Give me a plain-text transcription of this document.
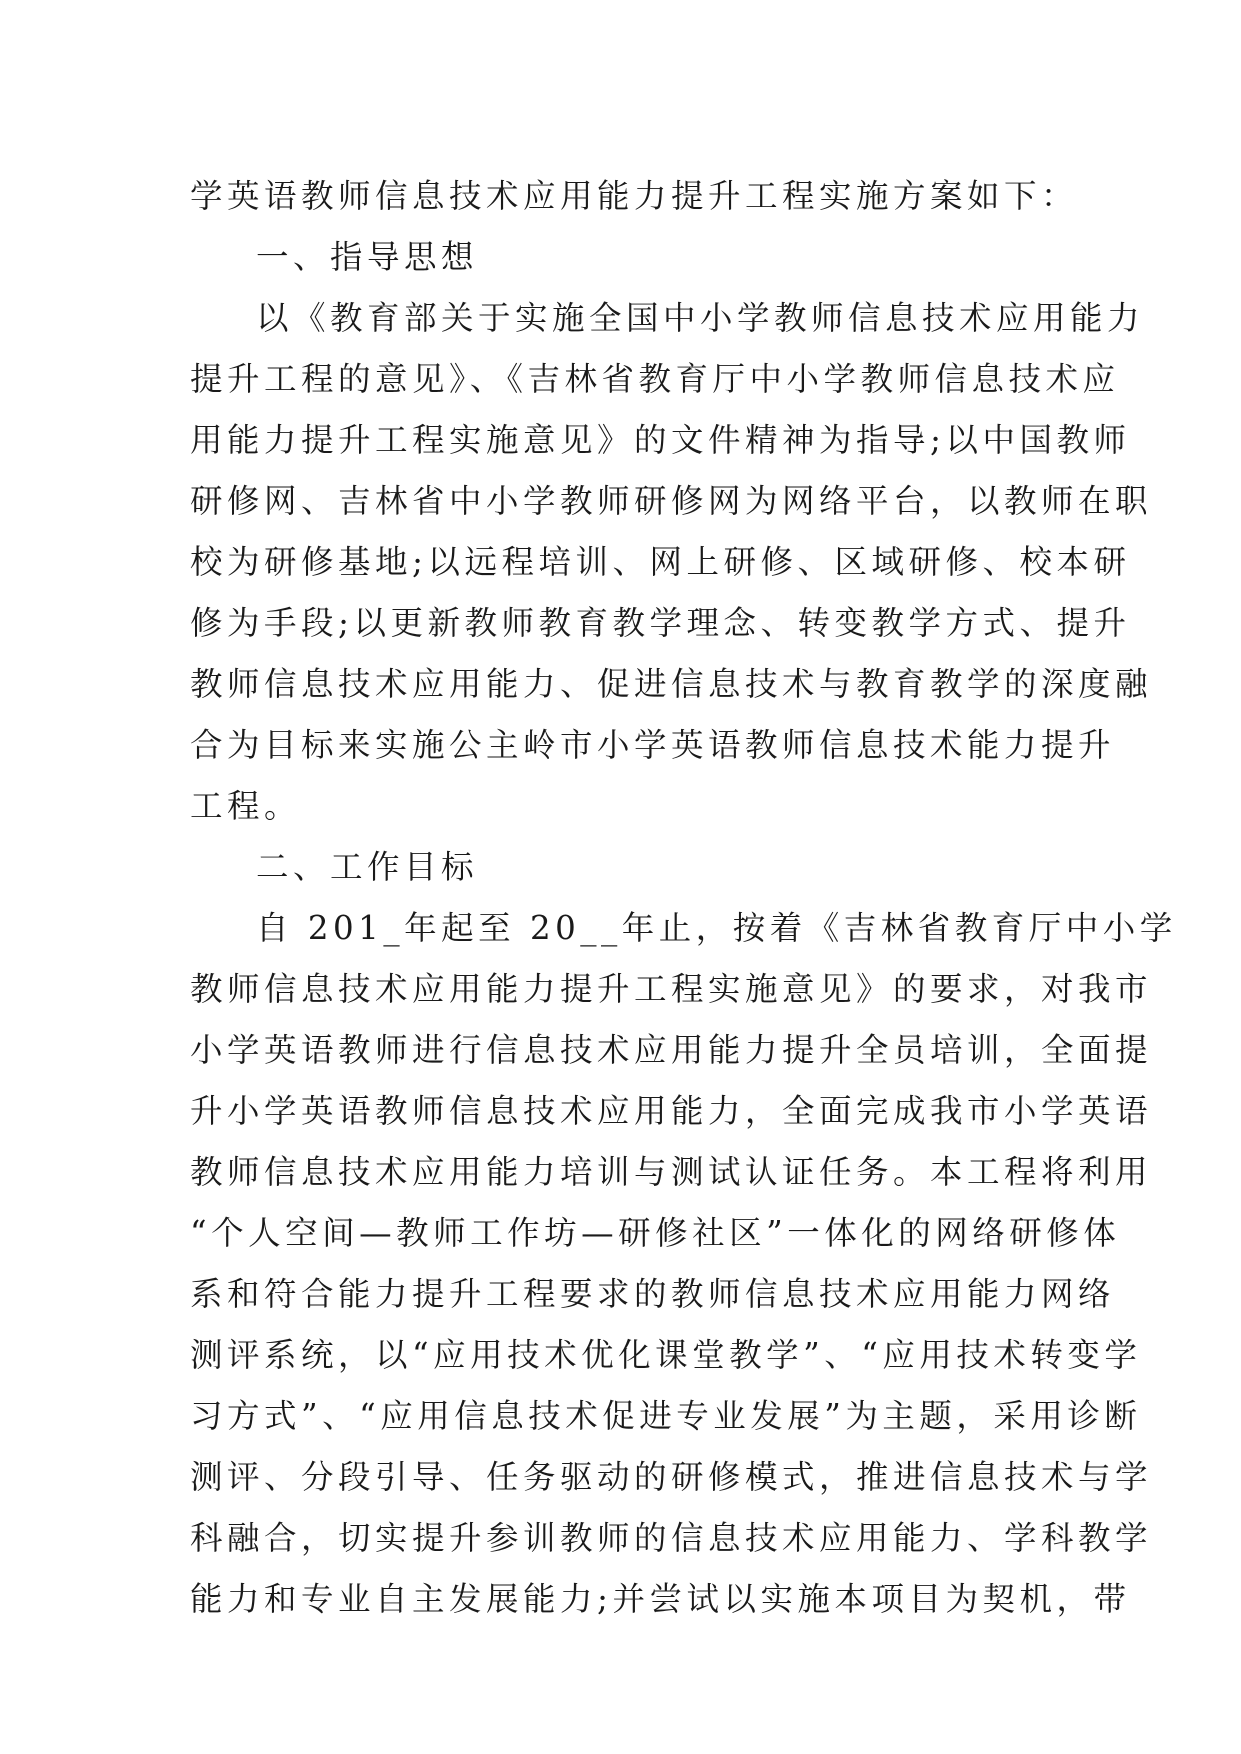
学英语教师信息技术应用能力提升工程实施方案如下：
一、指导思想
以《教育部关于实施全国中小学教师信息技术应用能力
提升工程的意见》、《吉林省教育厅中小学教师信息技术应
用能力提升工程实施意见》的文件精神为指导;以中国教师
研修网、吉林省中小学教师研修网为网络平台，以教师在职
校为研修基地;以远程培训、网上研修、区域研修、校本研
修为手段;以更新教师教育教学理念、转变教学方式、提升
教师信息技术应用能力、促进信息技术与教育教学的深度融
合为目标来实施公主岭市小学英语教师信息技术能力提升
工程。
二、工作目标
自 201_年起至 20__年止，按着《吉林省教育厅中小学
教师信息技术应用能力提升工程实施意见》的要求，对我市
小学英语教师进行信息技术应用能力提升全员培训，全面提
升小学英语教师信息技术应用能力，全面完成我市小学英语
教师信息技术应用能力培训与测试认证任务。本工程将利用
“个人空间—教师工作坊—研修社区”一体化的网络研修体
系和符合能力提升工程要求的教师信息技术应用能力网络
测评系统，以“应用技术优化课堂教学”、“应用技术转变学
习方式”、“应用信息技术促进专业发展”为主题，采用诊断
测评、分段引导、任务驱动的研修模式，推进信息技术与学
科融合，切实提升参训教师的信息技术应用能力、学科教学
能力和专业自主发展能力;并尝试以实施本项目为契机，带
